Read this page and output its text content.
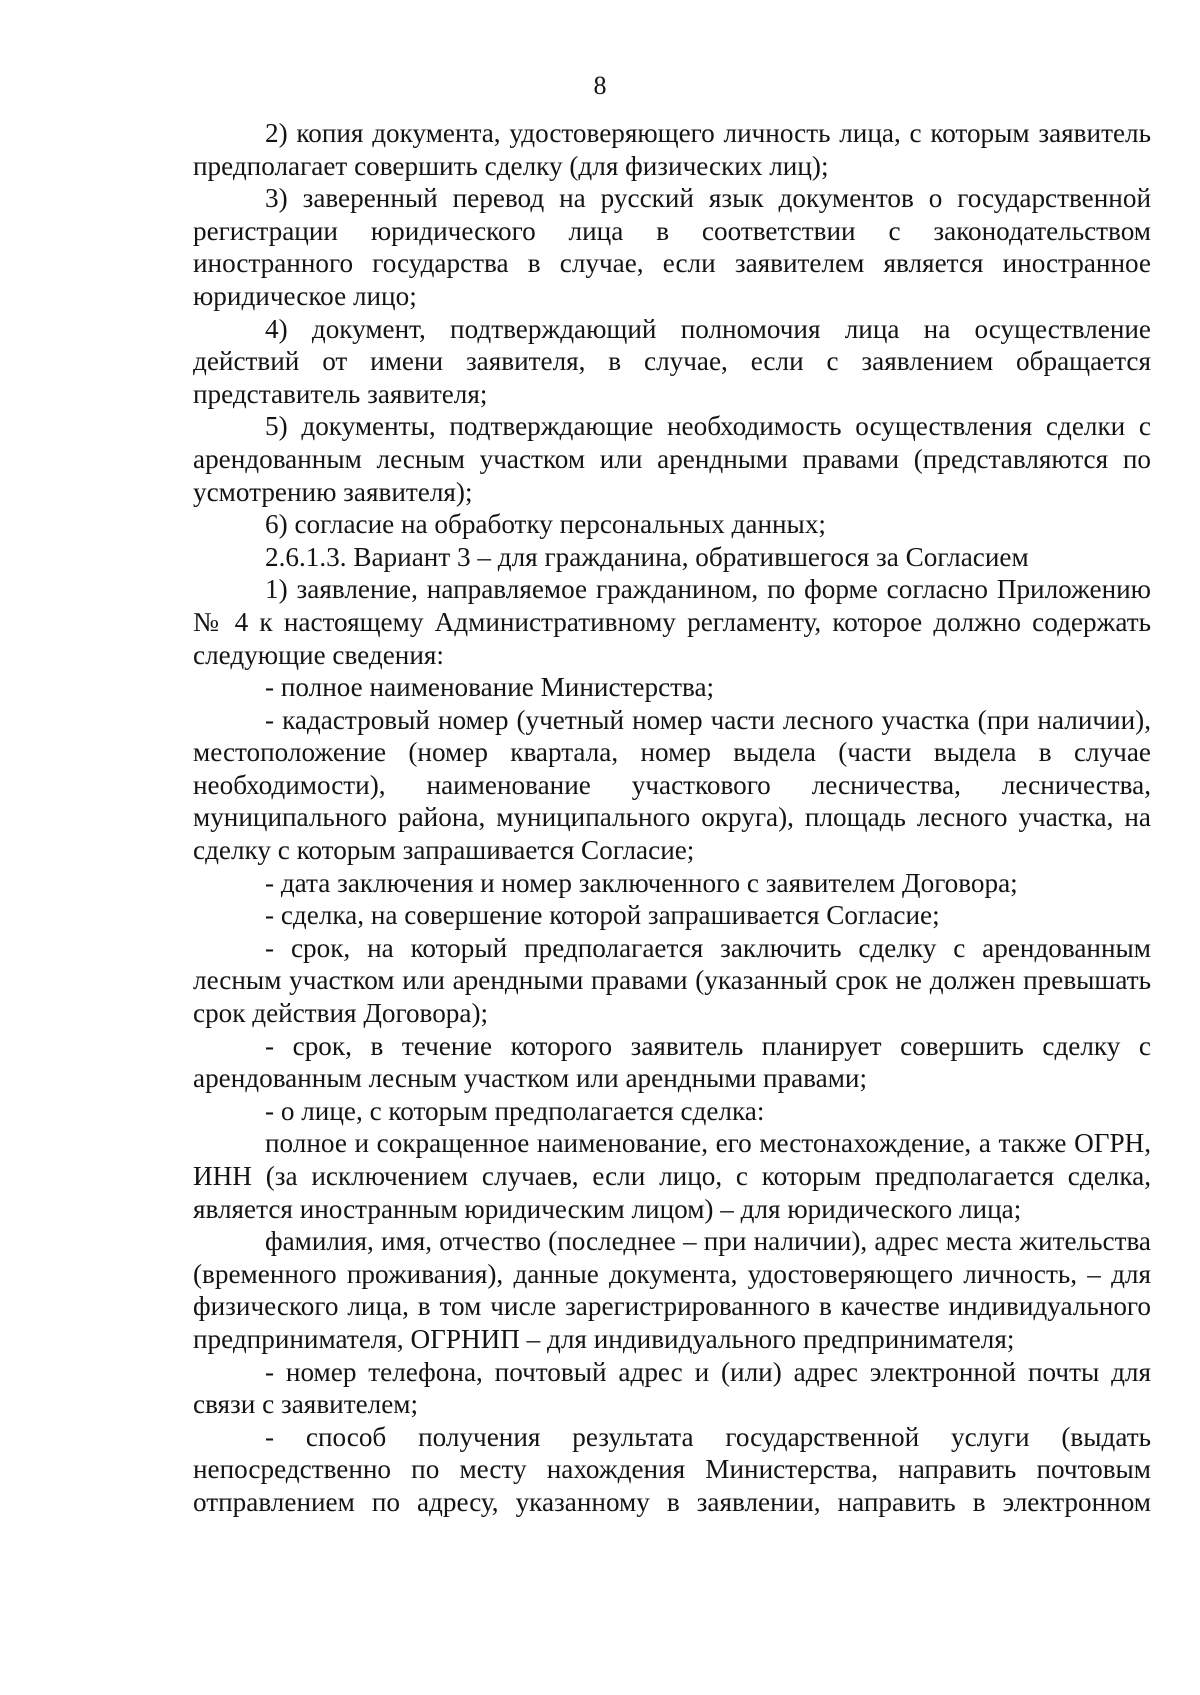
8

2) копия документа, удостоверяющего личность лица, с которым заявитель предполагает совершить сделку (для физических лиц);

3) заверенный перевод на русский язык документов о государственной регистрации юридического лица в соответствии с законодательством иностранного государства в случае, если заявителем является иностранное юридическое лицо;

4) документ, подтверждающий полномочия лица на осуществление действий от имени заявителя, в случае, если с заявлением обращается представитель заявителя;

5) документы, подтверждающие необходимость осуществления сделки с арендованным лесным участком или арендными правами (представляются по усмотрению заявителя);

6) согласие на обработку персональных данных;

2.6.1.3. Вариант 3 – для гражданина, обратившегося за Согласием

1) заявление, направляемое гражданином, по форме согласно Приложению № 4 к настоящему Административному регламенту, которое должно содержать следующие сведения:

- полное наименование Министерства;

- кадастровый номер (учетный номер части лесного участка (при наличии), местоположение (номер квартала, номер выдела (части выдела в случае необходимости), наименование участкового лесничества, лесничества, муниципального района, муниципального округа), площадь лесного участка, на сделку с которым запрашивается Согласие;

- дата заключения и номер заключенного с заявителем Договора;

- сделка, на совершение которой запрашивается Согласие;

- срок, на который предполагается заключить сделку с арендованным лесным участком или арендными правами (указанный срок не должен превышать срок действия Договора);

- срок, в течение которого заявитель планирует совершить сделку с арендованным лесным участком или арендными правами;

- о лице, с которым предполагается сделка:

полное и сокращенное наименование, его местонахождение, а также ОГРН, ИНН (за исключением случаев, если лицо, с которым предполагается сделка, является иностранным юридическим лицом) – для юридического лица;

фамилия, имя, отчество (последнее – при наличии), адрес места жительства (временного проживания), данные документа, удостоверяющего личность, – для физического лица, в том числе зарегистрированного в качестве индивидуального предпринимателя, ОГРНИП – для индивидуального предпринимателя;

- номер телефона, почтовый адрес и (или) адрес электронной почты для связи с заявителем;

- способ получения результата государственной услуги (выдать непосредственно по месту нахождения Министерства, направить почтовым отправлением по адресу, указанному в заявлении, направить в электронном
